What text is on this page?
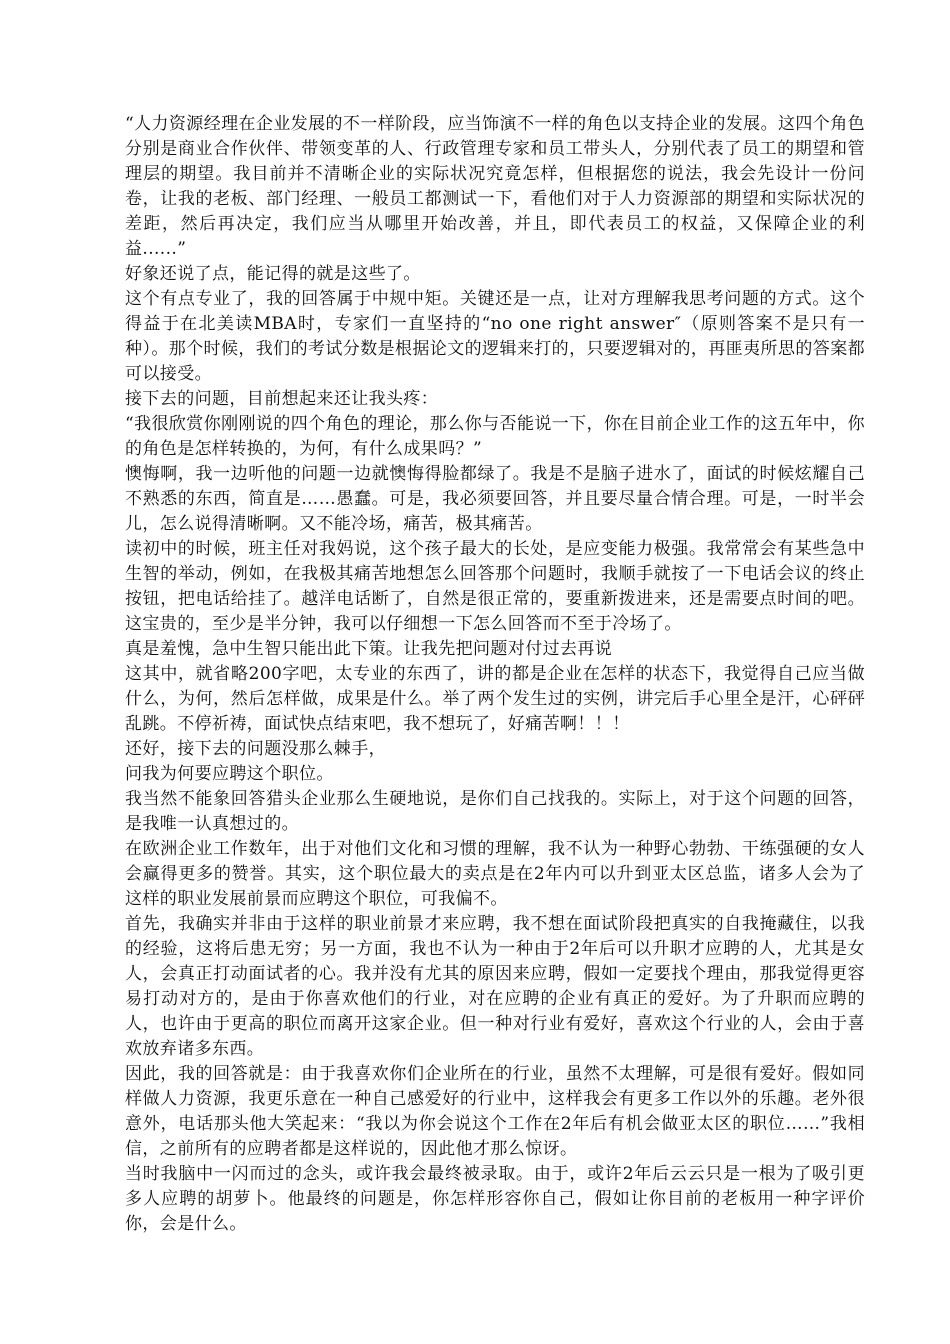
“人力资源经理在企业发展的不一样阶段，应当饰演不一样的角色以支持企业的发展。这四个角色分别是商业合作伙伴、带领变革的人、行政管理专家和员工带头人，分别代表了员工的期望和管理层的期望。我目前并不清晰企业的实际状况究竟怎样，但根据您的说法，我会先设计一份问卷，让我的老板、部门经理、一般员工都测试一下，看他们对于人力资源部的期望和实际状况的差距，然后再决定，我们应当从哪里开始改善，并且，即代表员工的权益，又保障企业的利益......”

好象还说了点，能记得的就是这些了。

这个有点专业了，我的回答属于中规中矩。关键还是一点，让对方理解我思考问题的方式。这个得益于在北美读MBA时，专家们一直坚持的“no one right answer″（原则答案不是只有一种）。那个时候，我们的考试分数是根据论文的逻辑来打的，只要逻辑对的，再匪夷所思的答案都可以接受。

接下去的问题，目前想起来还让我头疼：

“我很欣赏你刚刚说的四个角色的理论，那么你与否能说一下，你在目前企业工作的这五年中，你的角色是怎样转换的，为何，有什么成果吗？”

懊悔啊，我一边听他的问题一边就懊悔得脸都绿了。我是不是脑子进水了，面试的时候炫耀自己不熟悉的东西，简直是……愚蠢。可是，我必须要回答，并且要尽量合情合理。可是，一时半会儿，怎么说得清晰啊。又不能冷场，痛苦，极其痛苦。

读初中的时候，班主任对我妈说，这个孩子最大的长处，是应变能力极强。我常常会有某些急中生智的举动，例如，在我极其痛苦地想怎么回答那个问题时，我顺手就按了一下电话会议的终止按钮，把电话给挂了。越洋电话断了，自然是很正常的，要重新拨进来，还是需要点时间的吧。这宝贵的，至少是半分钟，我可以仔细想一下怎么回答而不至于冷场了。

真是羞愧，急中生智只能出此下策。让我先把问题对付过去再说

这其中，就省略200字吧，太专业的东西了，讲的都是企业在怎样的状态下，我觉得自己应当做什么，为何，然后怎样做，成果是什么。举了两个发生过的实例，讲完后手心里全是汗，心砰砰乱跳。不停祈祷，面试快点结束吧，我不想玩了，好痛苦啊！！！

还好，接下去的问题没那么棘手，

问我为何要应聘这个职位。

我当然不能象回答猎头企业那么生硬地说，是你们自己找我的。实际上，对于这个问题的回答，是我唯一认真想过的。

在欧洲企业工作数年，出于对他们文化和习惯的理解，我不认为一种野心勃勃、干练强硬的女人会赢得更多的赞誉。其实，这个职位最大的卖点是在2年内可以升到亚太区总监，诸多人会为了这样的职业发展前景而应聘这个职位，可我偏不。

首先，我确实并非由于这样的职业前景才来应聘，我不想在面试阶段把真实的自我掩藏住，以我的经验，这将后患无穷；另一方面，我也不认为一种由于2年后可以升职才应聘的人，尤其是女人，会真正打动面试者的心。我并没有尤其的原因来应聘，假如一定要找个理由，那我觉得更容易打动对方的，是由于你喜欢他们的行业，对在应聘的企业有真正的爱好。为了升职而应聘的人，也许由于更高的职位而离开这家企业。但一种对行业有爱好，喜欢这个行业的人，会由于喜欢放弃诸多东西。

因此，我的回答就是：由于我喜欢你们企业所在的行业，虽然不太理解，可是很有爱好。假如同样做人力资源，我更乐意在一种自己感爱好的行业中，这样我会有更多工作以外的乐趣。老外很意外，电话那头他大笑起来：“我以为你会说这个工作在2年后有机会做亚太区的职位……”我相信，之前所有的应聘者都是这样说的，因此他才那么惊讶。

当时我脑中一闪而过的念头，或许我会最终被录取。由于，或许2年后云云只是一根为了吸引更多人应聘的胡萝卜。他最终的问题是，你怎样形容你自己，假如让你目前的老板用一种字评价你，会是什么。
